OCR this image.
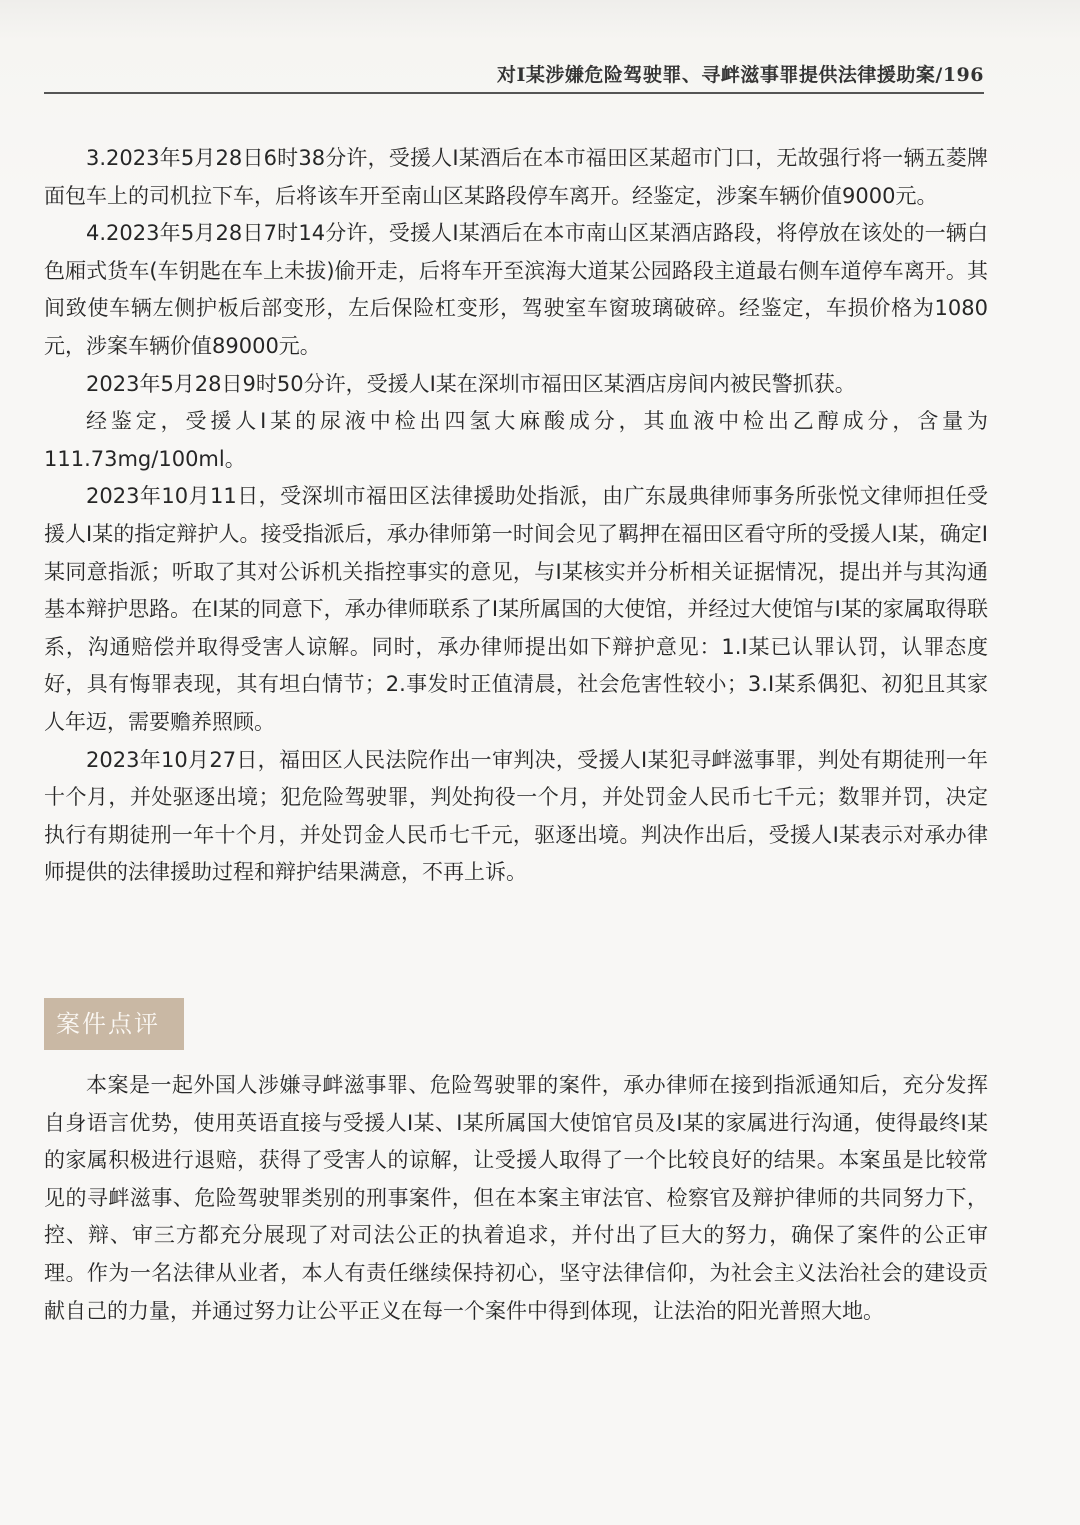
对I某涉嫌危险驾驶罪、寻衅滋事罪提供法律援助案/196

3.2023年5月28日6时38分许，受援人I某酒后在本市福田区某超市门口，无故强行将一辆五菱牌面包车上的司机拉下车，后将该车开至南山区某路段停车离开。经鉴定，涉案车辆价值9000元。

4.2023年5月28日7时14分许，受援人I某酒后在本市南山区某酒店路段，将停放在该处的一辆白色厢式货车(车钥匙在车上未拔)偷开走，后将车开至滨海大道某公园路段主道最右侧车道停车离开。其间致使车辆左侧护板后部变形，左后保险杠变形，驾驶室车窗玻璃破碎。经鉴定，车损价格为1080元，涉案车辆价值89000元。

2023年5月28日9时50分许，受援人I某在深圳市福田区某酒店房间内被民警抓获。

经鉴定，受援人I某的尿液中检出四氢大麻酸成分，其血液中检出乙醇成分，含量为111.73mg/100ml。

2023年10月11日，受深圳市福田区法律援助处指派，由广东晟典律师事务所张悦文律师担任受援人I某的指定辩护人。接受指派后，承办律师第一时间会见了羁押在福田区看守所的受援人I某，确定I某同意指派；听取了其对公诉机关指控事实的意见，与I某核实并分析相关证据情况，提出并与其沟通基本辩护思路。在I某的同意下，承办律师联系了I某所属国的大使馆，并经过大使馆与I某的家属取得联系，沟通赔偿并取得受害人谅解。同时，承办律师提出如下辩护意见：1.I某已认罪认罚，认罪态度好，具有悔罪表现，其有坦白情节；2.事发时正值清晨，社会危害性较小；3.I某系偶犯、初犯且其家人年迈，需要赡养照顾。

2023年10月27日，福田区人民法院作出一审判决，受援人I某犯寻衅滋事罪，判处有期徒刑一年十个月，并处驱逐出境；犯危险驾驶罪，判处拘役一个月，并处罚金人民币七千元；数罪并罚，决定执行有期徒刑一年十个月，并处罚金人民币七千元，驱逐出境。判决作出后，受援人I某表示对承办律师提供的法律援助过程和辩护结果满意，不再上诉。

案件点评

本案是一起外国人涉嫌寻衅滋事罪、危险驾驶罪的案件，承办律师在接到指派通知后，充分发挥自身语言优势，使用英语直接与受援人I某、I某所属国大使馆官员及I某的家属进行沟通，使得最终I某的家属积极进行退赔，获得了受害人的谅解，让受援人取得了一个比较良好的结果。本案虽是比较常见的寻衅滋事、危险驾驶罪类别的刑事案件，但在本案主审法官、检察官及辩护律师的共同努力下，控、辩、审三方都充分展现了对司法公正的执着追求，并付出了巨大的努力，确保了案件的公正审理。作为一名法律从业者，本人有责任继续保持初心，坚守法律信仰，为社会主义法治社会的建设贡献自己的力量，并通过努力让公平正义在每一个案件中得到体现，让法治的阳光普照大地。
